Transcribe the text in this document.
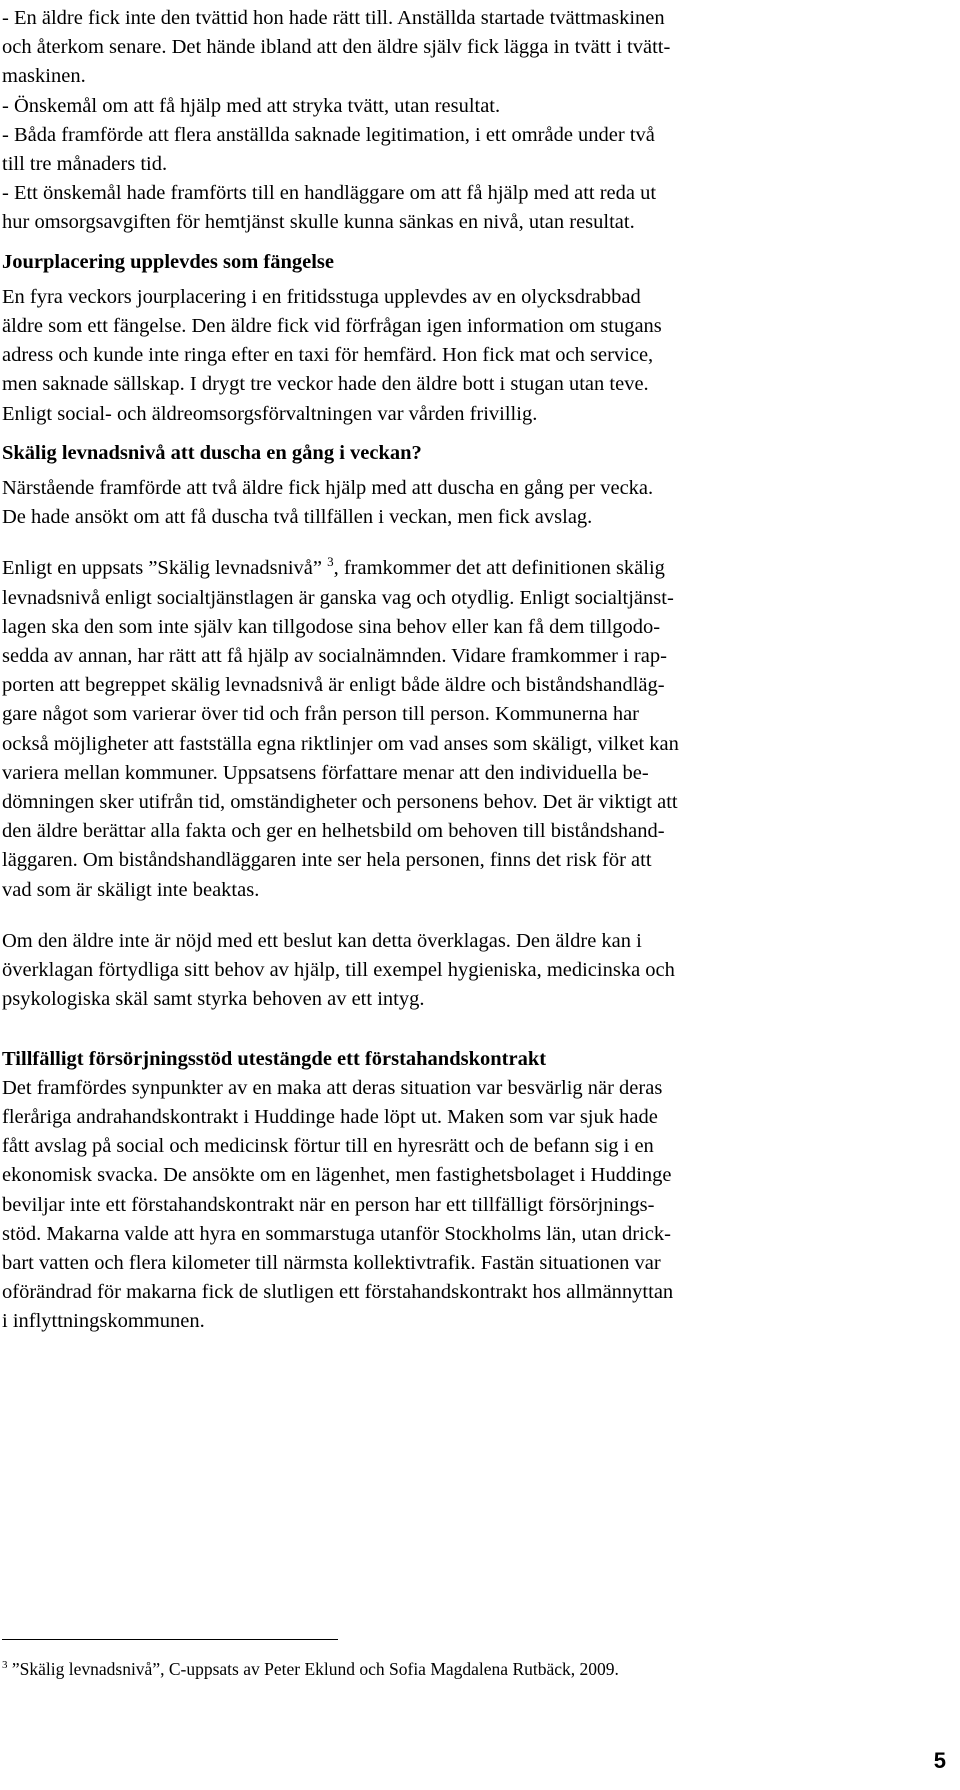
- En äldre fick inte den tvättid hon hade rätt till. Anställda startade tvättmaskinen
och återkom senare. Det hände ibland att den äldre själv fick lägga in tvätt i tvätt-
maskinen.
- Önskemål om att få hjälp med att stryka tvätt, utan resultat.
- Båda framförde att flera anställda saknade legitimation, i ett område under två
till tre månaders tid.
- Ett önskemål hade framförts till en handläggare om att få hjälp med att reda ut
hur omsorgsavgiften för hemtjänst skulle kunna sänkas en nivå, utan resultat.

Jourplacering upplevdes som fängelse

En fyra veckors jourplacering i en fritidsstuga upplevdes av en olycksdrabbad
äldre som ett fängelse. Den äldre fick vid förfrågan igen information om stugans
adress och kunde inte ringa efter en taxi för hemfärd. Hon fick mat och service,
men saknade sällskap. I drygt tre veckor hade den äldre bott i stugan utan teve.
Enligt social- och äldreomsorgsförvaltningen var vården frivillig.

Skälig levnadsnivå att duscha en gång i veckan?

Närstående framförde att två äldre fick hjälp med att duscha en gång per vecka.
De hade ansökt om att få duscha två tillfällen i veckan, men fick avslag.

Enligt en uppsats ”Skälig levnadsnivå” $^3$, framkommer det att definitionen skälig
levnadsnivå enligt socialtjänstlagen är ganska vag och otydlig. Enligt socialtjänst-
lagen ska den som inte själv kan tillgodose sina behov eller kan få dem tillgodo-
sedda av annan, har rätt att få hjälp av socialnämnden. Vidare framkommer i rap-
porten att begreppet skälig levnadsnivå är enligt både äldre och biståndshandläg-
gare något som varierar över tid och från person till person. Kommunerna har
också möjligheter att fastställa egna riktlinjer om vad anses som skäligt, vilket kan
variera mellan kommuner. Uppsatsens författare menar att den individuella be-
dömningen sker utifrån tid, omständigheter och personens behov. Det är viktigt att
den äldre berättar alla fakta och ger en helhetsbild om behoven till biståndshand-
läggaren. Om biståndshandläggaren inte ser hela personen, finns det risk för att
vad som är skäligt inte beaktas.

Om den äldre inte är nöjd med ett beslut kan detta överklagas. Den äldre kan i
överklagan förtydliga sitt behov av hjälp, till exempel hygieniska, medicinska och
psykologiska skäl samt styrka behoven av ett intyg.

Tillfälligt försörjningsstöd utestängde ett förstahandskontrakt

Det framfördes synpunkter av en maka att deras situation var besvärlig när deras
fleråriga andrahandskontrakt i Huddinge hade löpt ut. Maken som var sjuk hade
fått avslag på social och medicinsk förtur till en hyresrätt och de befann sig i en
ekonomisk svacka. De ansökte om en lägenhet, men fastighetsbolaget i Huddinge
beviljar inte ett förstahandskontrakt när en person har ett tillfälligt försörjnings-
stöd. Makarna valde att hyra en sommarstuga utanför Stockholms län, utan drick-
bart vatten och flera kilometer till närmsta kollektivtrafik. Fastän situationen var
oförändrad för makarna fick de slutligen ett förstahandskontrakt hos allmännyttan
i inflyttningskommunen.

$^3$ ”Skälig levnadsnivå”, C-uppsats av Peter Eklund och Sofia Magdalena Rutbäck, 2009.
5
